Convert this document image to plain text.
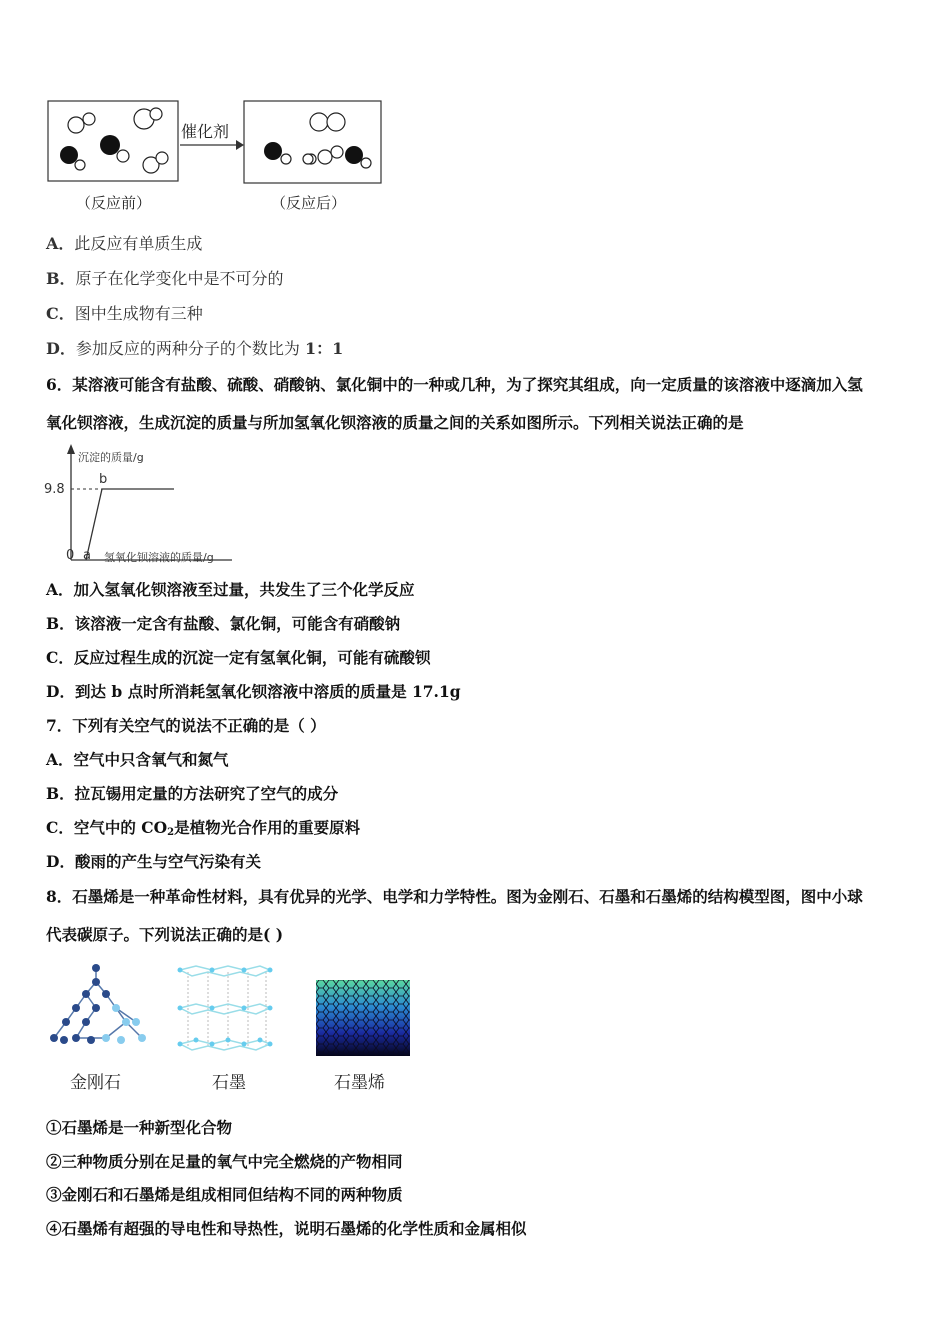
催化剂
（反应前）	（反应后）
A．此反应有单质生成
B．原子在化学变化中是不可分的
C．图中生成物有三种
D．参加反应的两种分子的个数比为 1：1
6．某溶液可能含有盐酸、硫酸、硝酸钠、氯化铜中的一种或几种，为了探究其组成，向一定质量的该溶液中逐滴加入氢
氧化钡溶液，生成沉淀的质量与所加氢氧化钡溶液的质量之间的关系如图所示。下列相关说法正确的是
沉淀的质量/g
9.8
b
0 a 氢氧化钡溶液的质量/g
A．加入氢氧化钡溶液至过量，共发生了三个化学反应
B．该溶液一定含有盐酸、氯化铜，可能含有硝酸钠
C．反应过程生成的沉淀一定有氢氧化铜，可能有硫酸钡
D．到达 b 点时所消耗氢氧化钡溶液中溶质的质量是 17.1g
7．下列有关空气的说法不正确的是（ ）
A．空气中只含氧气和氮气
B．拉瓦锡用定量的方法研究了空气的成分
C．空气中的 $CO_2$是植物光合作用的重要原料
D．酸雨的产生与空气污染有关
8．石墨烯是一种革命性材料，具有优异的光学、电学和力学特性。图为金刚石、石墨和石墨烯的结构模型图，图中小球
代表碳原子。下列说法正确的是( )
金刚石	石墨	石墨烯
①石墨烯是一种新型化合物
②三种物质分别在足量的氧气中完全燃烧的产物相同
③金刚石和石墨烯是组成相同但结构不同的两种物质
④石墨烯有超强的导电性和导热性，说明石墨烯的化学性质和金属相似
